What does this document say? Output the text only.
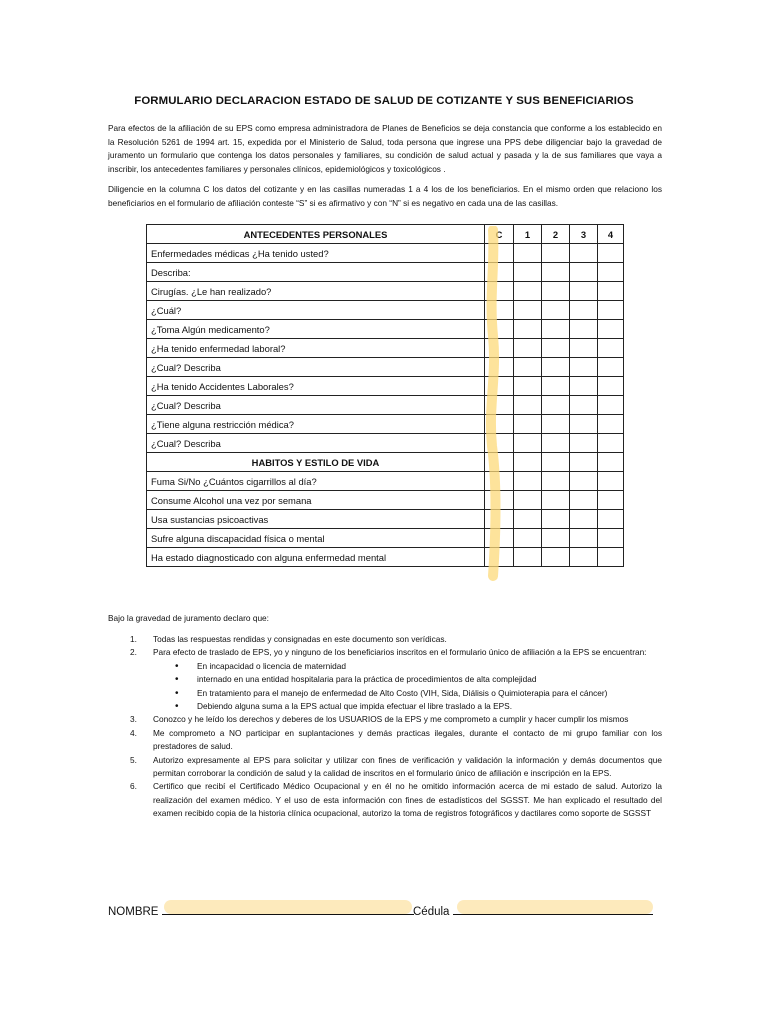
FORMULARIO DECLARACION ESTADO DE SALUD DE COTIZANTE Y SUS BENEFICIARIOS
Para efectos de la afiliación de su EPS como empresa administradora de Planes de Beneficios se deja constancia que conforme a los establecido en la Resolución 5261 de 1994 art. 15, expedida por el Ministerio de Salud, toda persona que ingrese una PPS debe diligenciar bajo la gravedad de juramento un formulario que contenga los datos personales y familiares, su condición de salud actual y pasada y la de sus familiares que vaya a inscribir, los antecedentes familiares y personales clínicos, epidemiológicos y toxicológicos .
Diligencie en la columna C los datos del cotizante y en las casillas numeradas 1 a 4 los de los beneficiarios. En el mismo orden que relaciono los beneficiarios en el formulario de afiliación conteste “S” si es afirmativo y con “N” si es negativo en cada una de las casillas.
ANTECEDENTES PERSONALES	C	1	2	3	4
Enfermedades médicas ¿Ha tenido usted?					
Describa:					
Cirugías. ¿Le han realizado?					
¿Cuál?					
¿Toma Algún medicamento?					
¿Ha tenido enfermedad laboral?					
¿Cual? Describa					
¿Ha tenido Accidentes Laborales?					
¿Cual? Describa					
¿Tiene alguna restricción médica?					
¿Cual? Describa					
HABITOS Y ESTILO DE VIDA					
Fuma Si/No ¿Cuántos cigarrillos al día?					
Consume Alcohol una vez por semana					
Usa sustancias psicoactivas					
Sufre alguna discapacidad física o mental					
Ha estado diagnosticado con alguna enfermedad mental					
Bajo la gravedad de juramento declaro que:
1. Todas las respuestas rendidas y consignadas en este documento son verídicas.
2. Para efecto de traslado de EPS, yo y ninguno de los beneficiarios inscritos en el formulario único de afiliación a la EPS se encuentran:
• En incapacidad o licencia de maternidad
• internado en una entidad hospitalaria para la práctica de procedimientos de alta complejidad
• En tratamiento para el manejo de enfermedad de Alto Costo (VIH, Sida, Diálisis o Quimioterapia para el cáncer)
• Debiendo alguna suma a la EPS actual que impida efectuar el libre traslado a la EPS.
3. Conozco y he leído los derechos y deberes de los USUARIOS de la EPS y me comprometo a cumplir y hacer cumplir los mismos
4. Me comprometo a NO participar en suplantaciones y demás practicas ilegales, durante el contacto de mi grupo familiar con los prestadores de salud.
5. Autorizo expresamente al EPS para solicitar y utilizar con fines de verificación y validación la información y demás documentos que permitan corroborar la condición de salud y la calidad de inscritos en el formulario único de afiliación e inscripción en la EPS.
6. Certifico que recibí el Certificado Médico Ocupacional y en él no he omitido información acerca de mi estado de salud. Autorizo la realización del examen médico. Y el uso de esta información con fines de estadísticos del SGSST. Me han explicado el resultado del examen recibido copia de la historia clínica ocupacional, autorizo la toma de registros fotográficos y dactilares como soporte de SGSST
NOMBRE	Cédula
